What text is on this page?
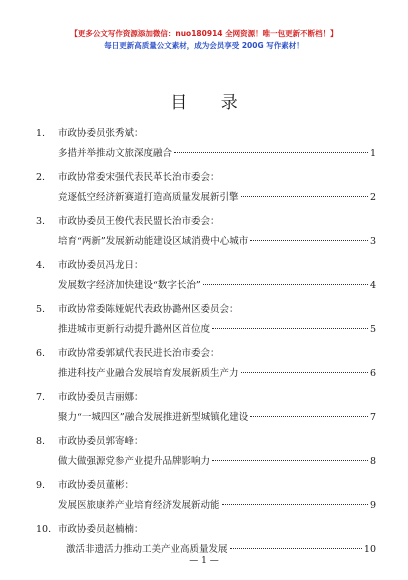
【更多公文写作资源添加微信：nuo180914 全网资源！唯一包更新不断档！】
每日更新高质量公文素材，成为会员享受 200G 写作素材！
目 录
1.	市政协委员张秀斌：
多措并举推动文旅深度融合	1
2.	市政协常委宋强代表民革长治市委会：
竞逐低空经济新赛道打造高质量发展新引擎	2
3.	市政协委员王俊代表民盟长治市委会：
培育“两新”发展新动能建设区域消费中心城市	3
4.	市政协委员冯龙日：
发展数字经济加快建设“数字长治”	4
5.	市政协常委陈娅妮代表政协潞州区委员会：
推进城市更新行动提升潞州区首位度	5
6.	市政协常委郭斌代表民进长治市委会：
推进科技产业融合发展培育发展新质生产力	6
7.	市政协委员吉丽娜：
聚力“一城四区”融合发展推进新型城镇化建设	7
8.	市政协委员郭寄峰：
做大做强源党参产业提升品牌影响力	8
9.	市政协委员董彬：
发展医旅康养产业培育经济发展新动能	9
10. 市政协委员赵楠楠：
激活非遗活力推动工美产业高质量发展	10
— 1 —
